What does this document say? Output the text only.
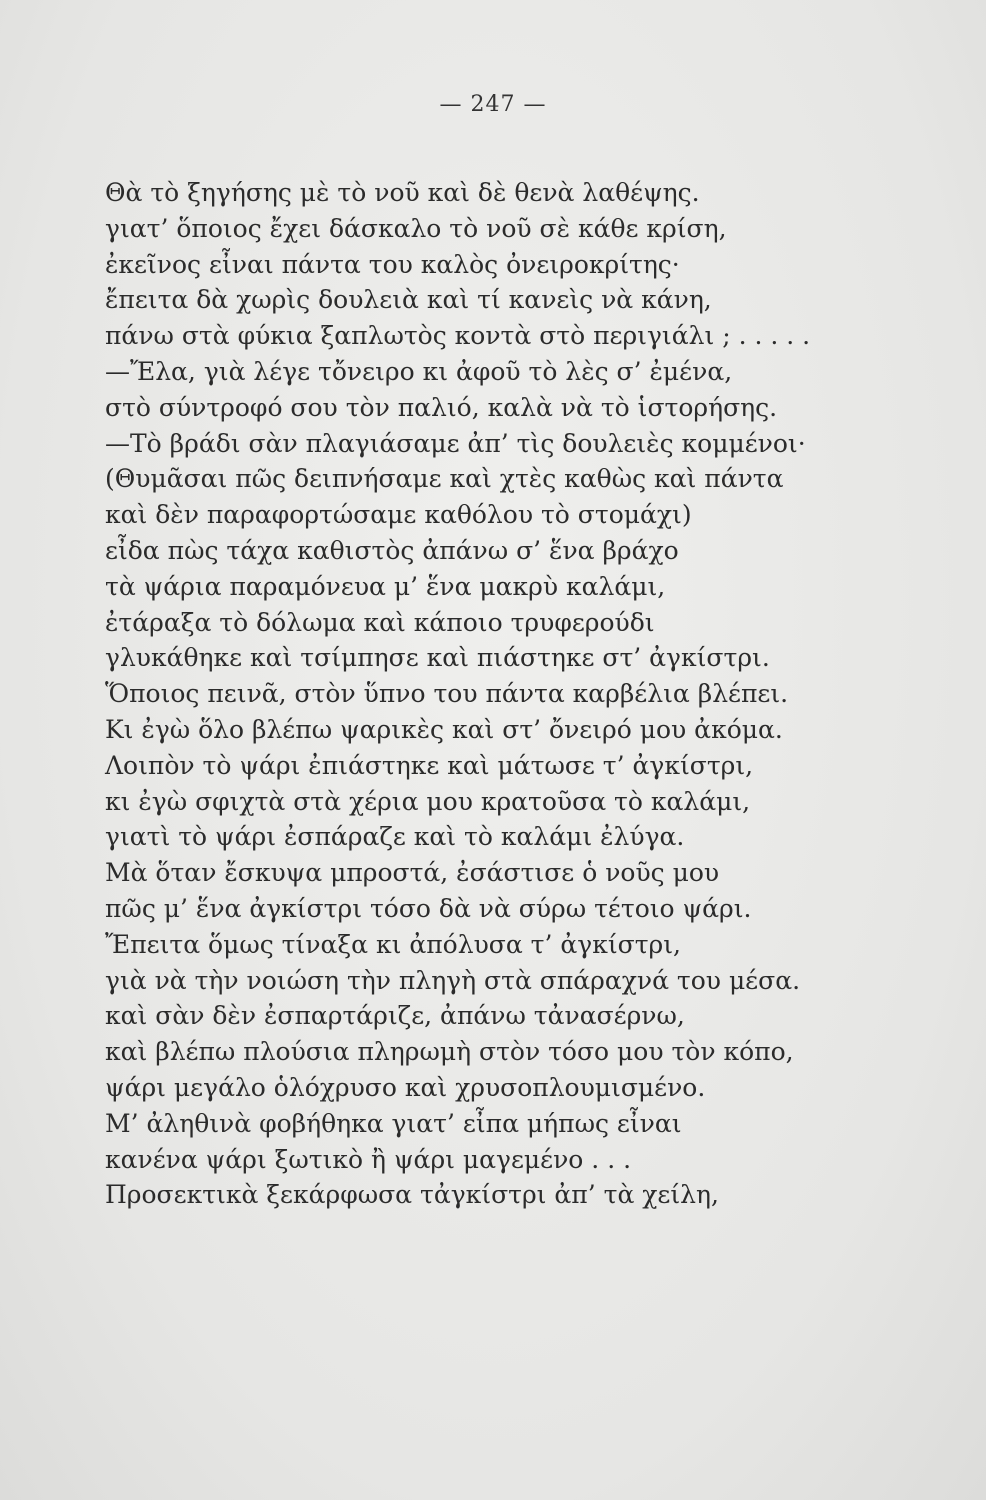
— 247 —
Θὰ τὸ ξηγήσης μὲ τὸ νοῦ καὶ δὲ θενὰ λαθέψης.
γιατ’ ὅποιος ἔχει δάσκαλο τὸ νοῦ σὲ κάθε κρίση,
ἐκεῖνος εἶναι πάντα του καλὸς ὀνειροκρίτης·
ἔπειτα δὰ χωρὶς δουλειὰ καὶ τί κανεὶς νὰ κάνη,
πάνω στὰ φύκια ξαπλωτὸς κοντὰ στὸ περιγιάλι ; . . . . .
—Ἔλα, γιὰ λέγε τὄνειρο κι ἀφοῦ τὸ λὲς σ’ ἐμένα,
στὸ σύντροφό σου τὸν παλιό, καλὰ νὰ τὸ ἱστορήσης.
—Τὸ βράδι σὰν πλαγιάσαμε ἀπ’ τὶς δουλειὲς κομμένοι·
(Θυμᾶσαι πῶς δειπνήσαμε καὶ χτὲς καθὼς καὶ πάντα
καὶ δὲν παραφορτώσαμε καθόλου τὸ στομάχι)
εἶδα πὼς τάχα καθιστὸς ἀπάνω σ’ ἕνα βράχο
τὰ ψάρια παραμόνευα μ’ ἕνα μακρὺ καλάμι,
ἐτάραξα τὸ δόλωμα καὶ κάποιο τρυφερούδι
γλυκάθηκε καὶ τσίμπησε καὶ πιάστηκε στ’ ἀγκίστρι.
Ὅποιος πεινᾶ, στὸν ὕπνο του πάντα καρβέλια βλέπει.
Κι ἐγὼ ὅλο βλέπω ψαρικὲς καὶ στ’ ὄνειρό μου ἀκόμα.
Λοιπὸν τὸ ψάρι ἐπιάστηκε καὶ μάτωσε τ’ ἀγκίστρι,
κι ἐγὼ σφιχτὰ στὰ χέρια μου κρατοῦσα τὸ καλάμι,
γιατὶ τὸ ψάρι ἐσπάραζε καὶ τὸ καλάμι ἐλύγα.
Μὰ ὅταν ἔσκυψα μπροστά, ἐσάστισε ὁ νοῦς μου
πῶς μ’ ἕνα ἀγκίστρι τόσο δὰ νὰ σύρω τέτοιο ψάρι.
Ἔπειτα ὅμως τίναξα κι ἀπόλυσα τ’ ἀγκίστρι,
γιὰ νὰ τὴν νοιώση τὴν πληγὴ στὰ σπάραχνά του μέσα.
καὶ σὰν δὲν ἐσπαρτάριζε, ἀπάνω τἀνασέρνω,
καὶ βλέπω πλούσια πληρωμὴ στὸν τόσο μου τὸν κόπο,
ψάρι μεγάλο ὁλόχρυσο καὶ χρυσοπλουμισμένο.
Μ’ ἀληθινὰ φοβήθηκα γιατ’ εἶπα μήπως εἶναι
κανένα ψάρι ξωτικὸ ἢ ψάρι μαγεμένο . . .
Προσεκτικὰ ξεκάρφωσα τἀγκίστρι ἀπ’ τὰ χείλη,
